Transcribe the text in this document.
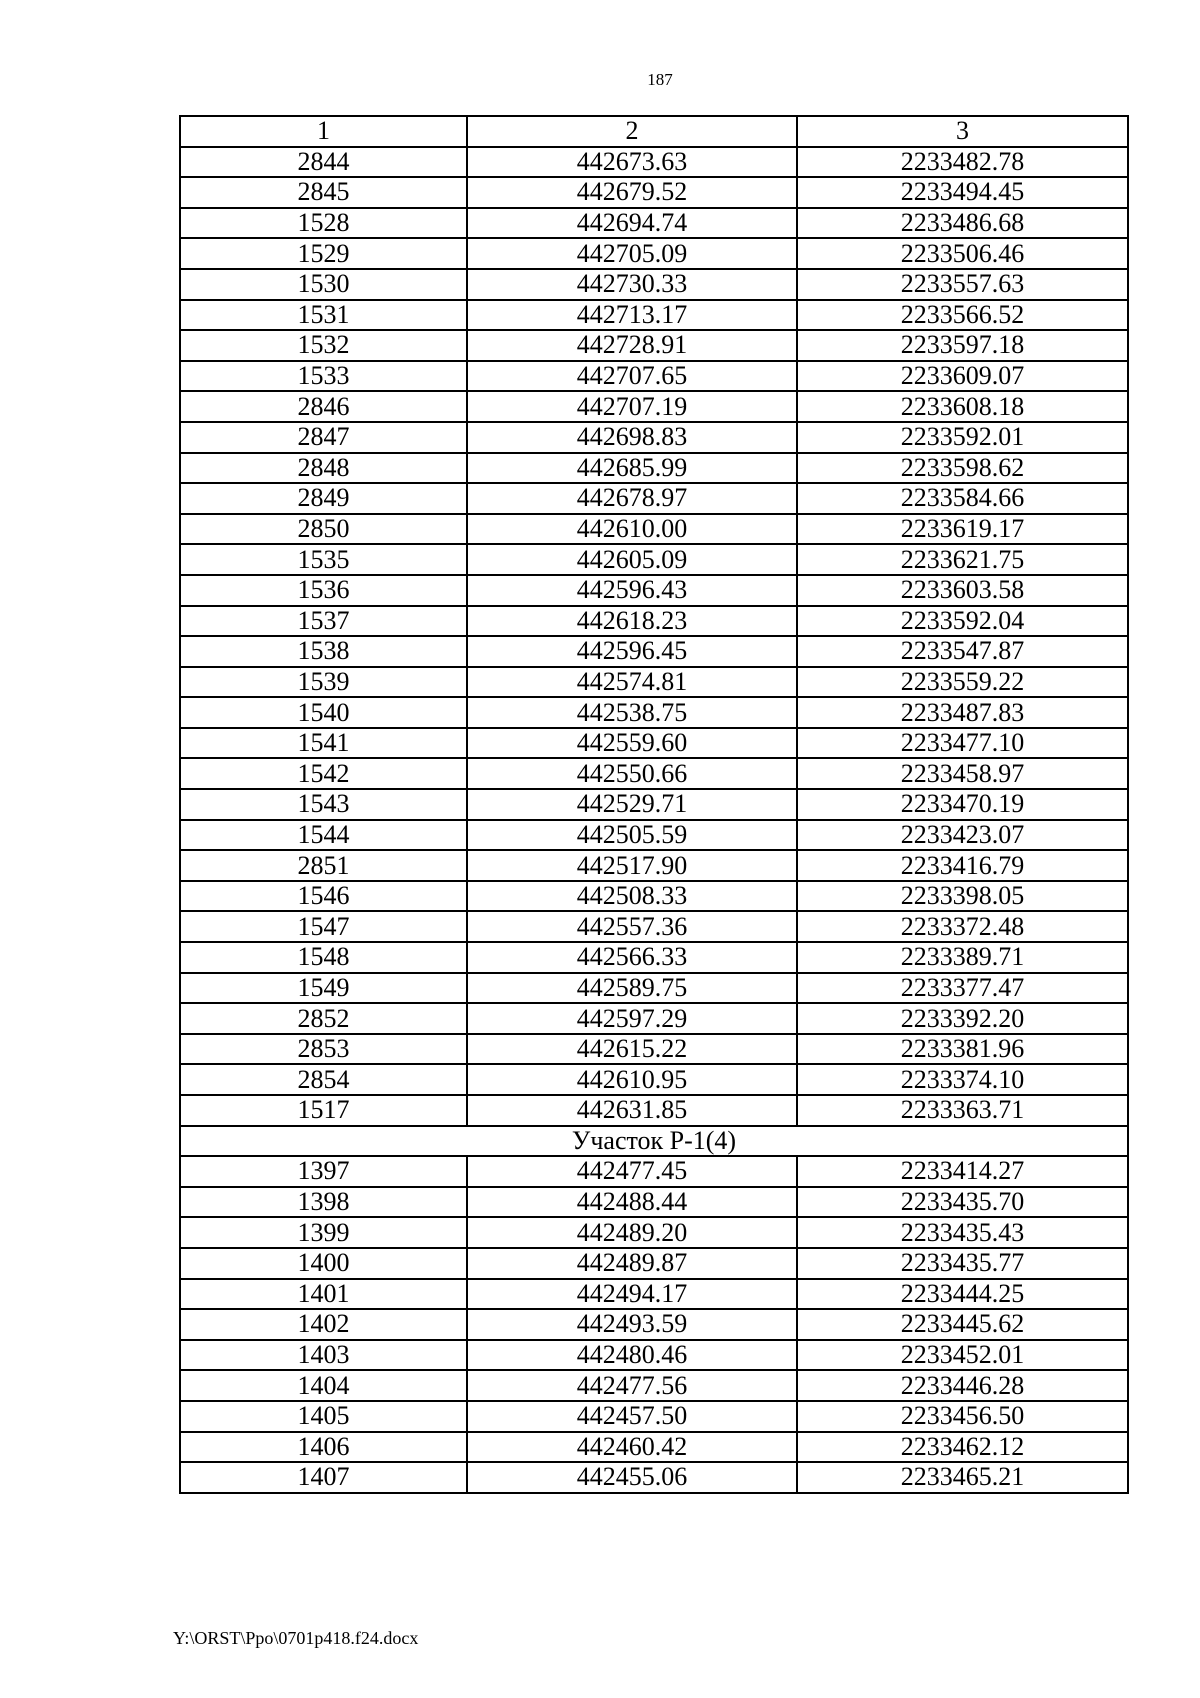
187
1	2	3
2844	442673.63	2233482.78
2845	442679.52	2233494.45
1528	442694.74	2233486.68
1529	442705.09	2233506.46
1530	442730.33	2233557.63
1531	442713.17	2233566.52
1532	442728.91	2233597.18
1533	442707.65	2233609.07
2846	442707.19	2233608.18
2847	442698.83	2233592.01
2848	442685.99	2233598.62
2849	442678.97	2233584.66
2850	442610.00	2233619.17
1535	442605.09	2233621.75
1536	442596.43	2233603.58
1537	442618.23	2233592.04
1538	442596.45	2233547.87
1539	442574.81	2233559.22
1540	442538.75	2233487.83
1541	442559.60	2233477.10
1542	442550.66	2233458.97
1543	442529.71	2233470.19
1544	442505.59	2233423.07
2851	442517.90	2233416.79
1546	442508.33	2233398.05
1547	442557.36	2233372.48
1548	442566.33	2233389.71
1549	442589.75	2233377.47
2852	442597.29	2233392.20
2853	442615.22	2233381.96
2854	442610.95	2233374.10
1517	442631.85	2233363.71
Участок Р-1(4)		
1397	442477.45	2233414.27
1398	442488.44	2233435.70
1399	442489.20	2233435.43
1400	442489.87	2233435.77
1401	442494.17	2233444.25
1402	442493.59	2233445.62
1403	442480.46	2233452.01
1404	442477.56	2233446.28
1405	442457.50	2233456.50
1406	442460.42	2233462.12
1407	442455.06	2233465.21
Y:\ORST\Ppo\0701p418.f24.docx
